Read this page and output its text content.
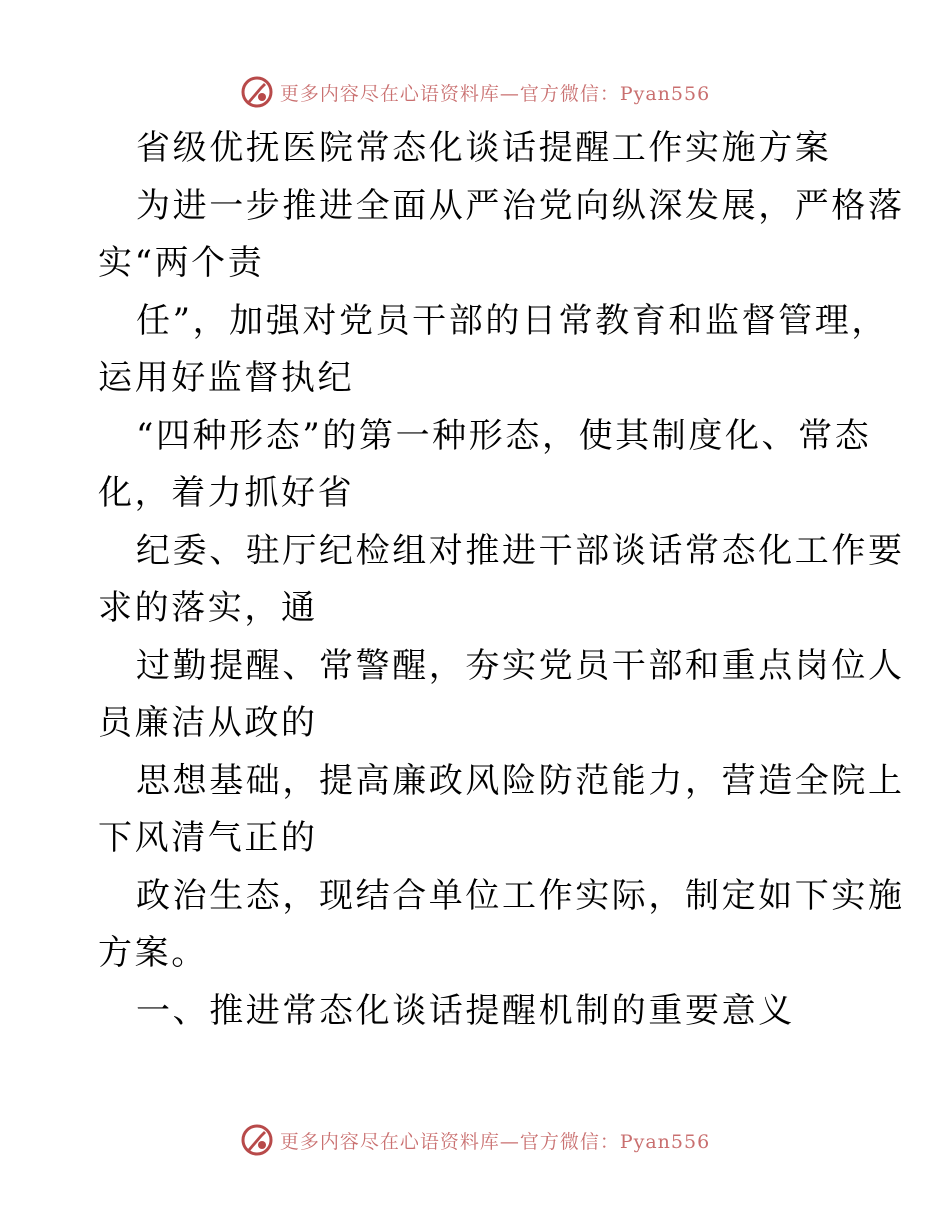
更多内容尽在心语资料库—官方微信：Pyan556
省级优抚医院常态化谈话提醒工作实施方案
为进一步推进全面从严治党向纵深发展，严格落
实“两个责
任”，加强对党员干部的日常教育和监督管理，
运用好监督执纪
“四种形态”的第一种形态，使其制度化、常态
化，着力抓好省
纪委、驻厅纪检组对推进干部谈话常态化工作要
求的落实，通
过勤提醒、常警醒，夯实党员干部和重点岗位人
员廉洁从政的
思想基础，提高廉政风险防范能力，营造全院上
下风清气正的
政治生态，现结合单位工作实际，制定如下实施
方案。
一、推进常态化谈话提醒机制的重要意义
更多内容尽在心语资料库—官方微信：Pyan556
